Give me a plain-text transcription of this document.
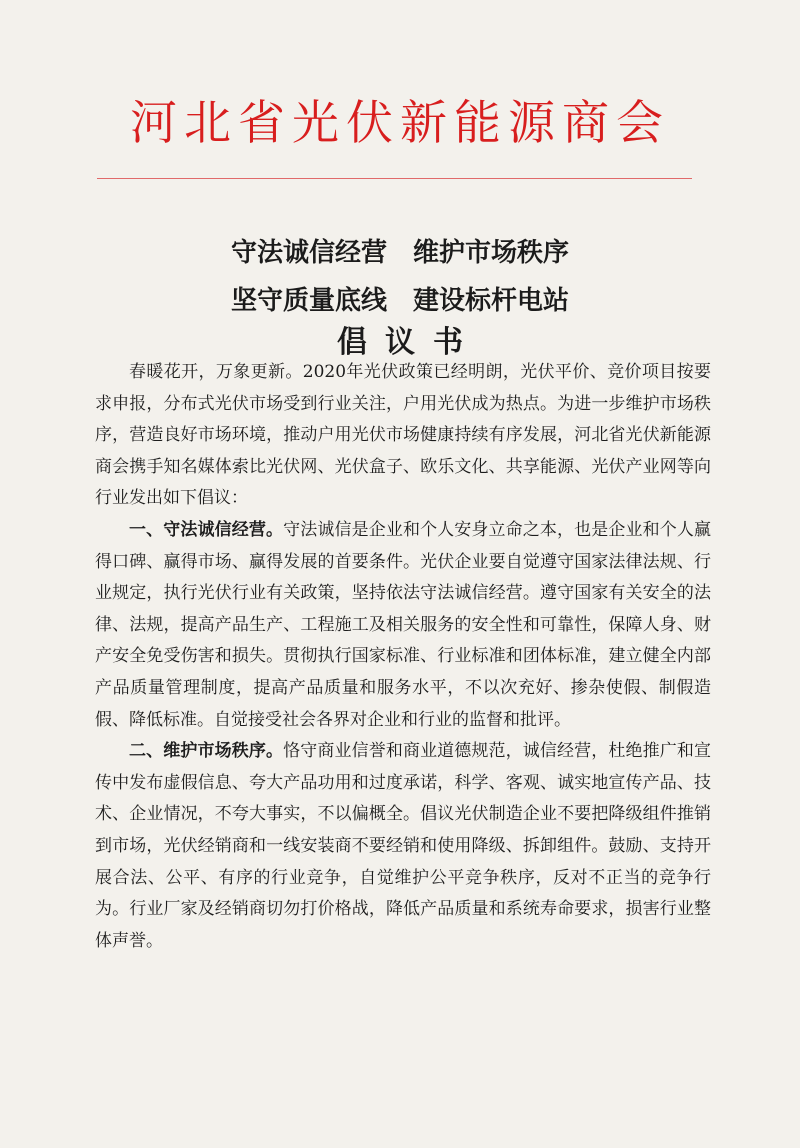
河北省光伏新能源商会
守法诚信经营　维护市场秩序
坚守质量底线　建设标杆电站
倡议书

春暖花开，万象更新。2020年光伏政策已经明朗，光伏平价、竞价项目按要求申报，分布式光伏市场受到行业关注，户用光伏成为热点。为进一步维护市场秩序，营造良好市场环境，推动户用光伏市场健康持续有序发展，河北省光伏新能源商会携手知名媒体索比光伏网、光伏盒子、欧乐文化、共享能源、光伏产业网等向行业发出如下倡议：

一、守法诚信经营。守法诚信是企业和个人安身立命之本，也是企业和个人赢得口碑、赢得市场、赢得发展的首要条件。光伏企业要自觉遵守国家法律法规、行业规定，执行光伏行业有关政策，坚持依法守法诚信经营。遵守国家有关安全的法律、法规，提高产品生产、工程施工及相关服务的安全性和可靠性，保障人身、财产安全免受伤害和损失。贯彻执行国家标准、行业标准和团体标准，建立健全内部产品质量管理制度，提高产品质量和服务水平，不以次充好、掺杂使假、制假造假、降低标准。自觉接受社会各界对企业和行业的监督和批评。

二、维护市场秩序。恪守商业信誉和商业道德规范，诚信经营，杜绝推广和宣传中发布虚假信息、夸大产品功用和过度承诺，科学、客观、诚实地宣传产品、技术、企业情况，不夸大事实，不以偏概全。倡议光伏制造企业不要把降级组件推销到市场，光伏经销商和一线安装商不要经销和使用降级、拆卸组件。鼓励、支持开展合法、公平、有序的行业竞争，自觉维护公平竞争秩序，反对不正当的竞争行为。行业厂家及经销商切勿打价格战，降低产品质量和系统寿命要求，损害行业整体声誉。
